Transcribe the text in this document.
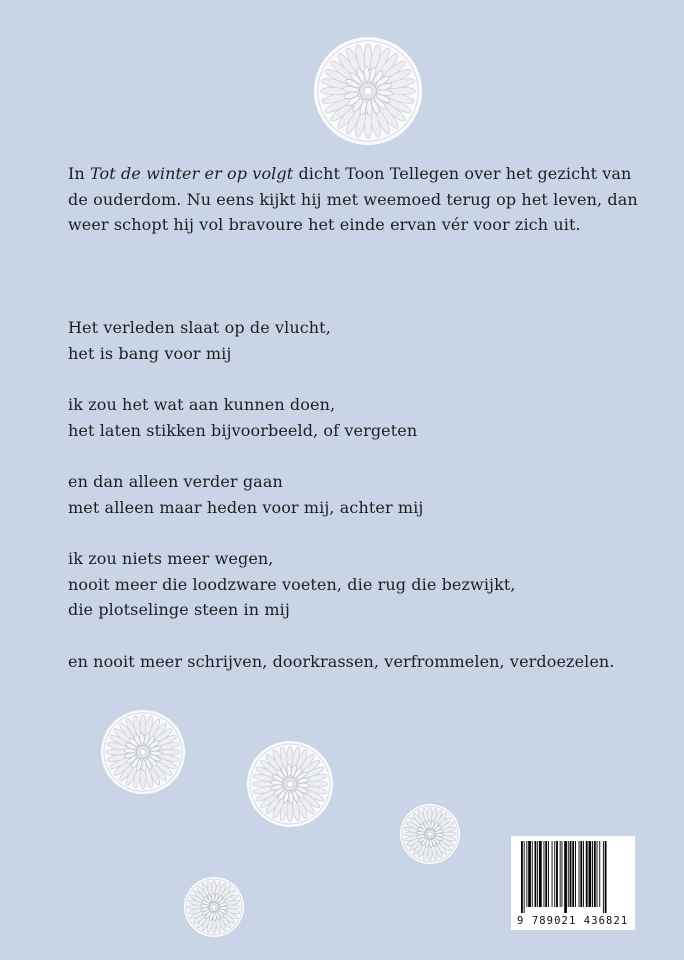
In Tot de winter er op volgt dicht Toon Tellegen over het gezicht van de ouderdom. Nu eens kijkt hij met weemoed terug op het leven, dan weer schopt hij vol bravoure het einde ervan vér voor zich uit.

Het verleden slaat op de vlucht,
het is bang voor mij
ik zou het wat aan kunnen doen,
het laten stikken bijvoorbeeld, of vergeten
en dan alleen verder gaan
met alleen maar heden voor mij, achter mij
ik zou niets meer wegen,
nooit meer die loodzware voeten, die rug die bezwijkt,
die plotselinge steen in mij
en nooit meer schrijven, doorkrassen, verfrommelen, verdoezelen.
9 789021 436821
